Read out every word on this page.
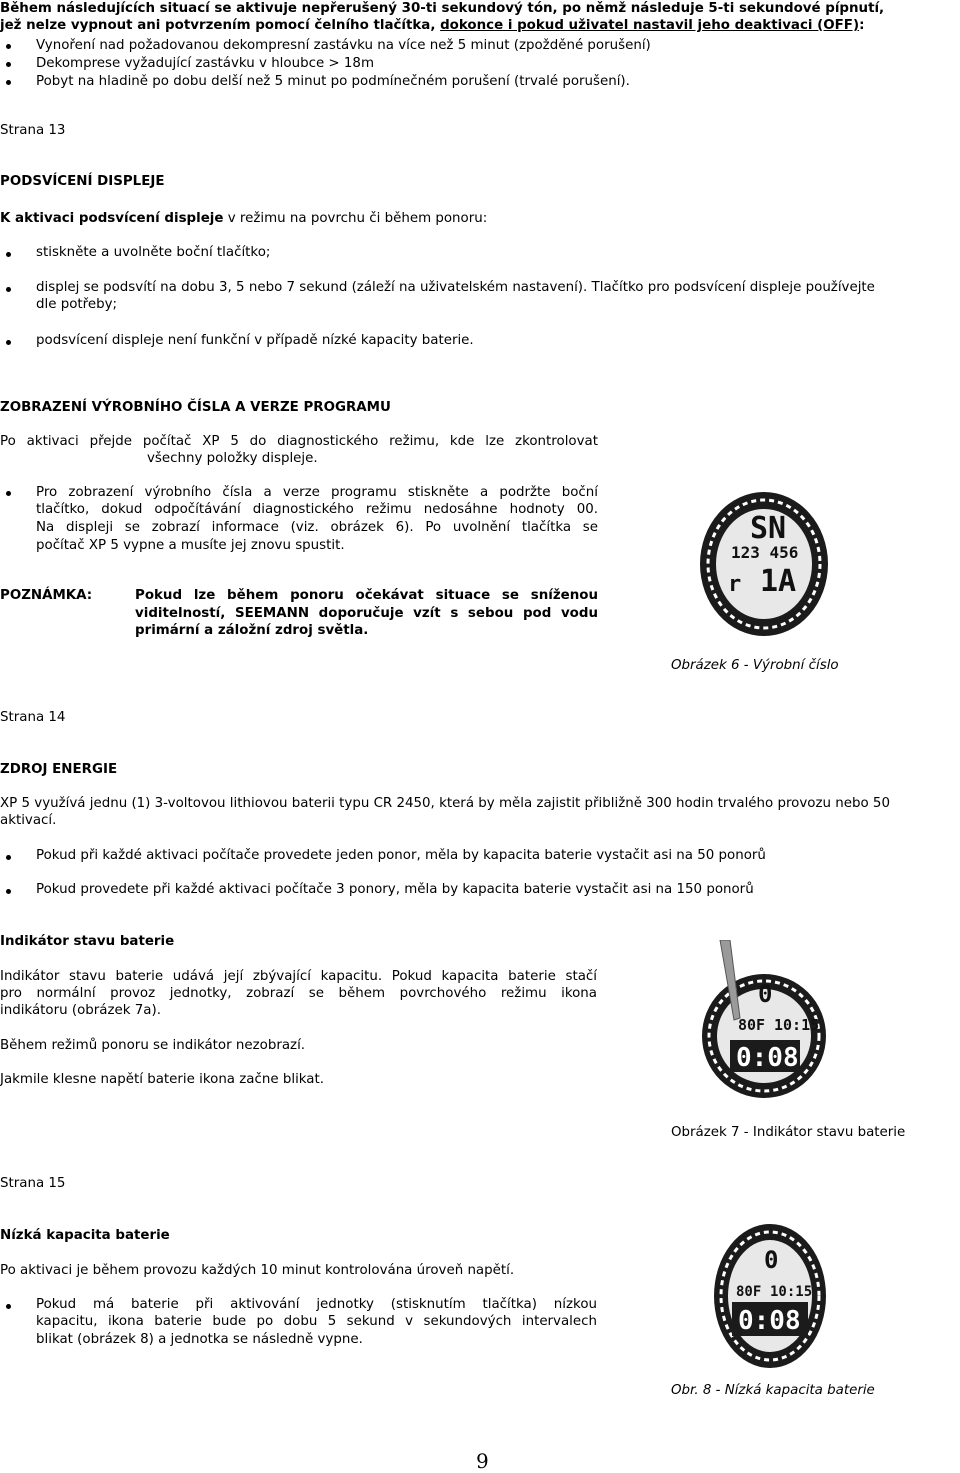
Během následujících situací se aktivuje nepřerušený 30-ti sekundový tón, po němž následuje 5-ti sekundové pípnutí,
jež nelze vypnout ani potvrzením pomocí čelního tlačítka, dokonce i pokud uživatel nastavil jeho deaktivaci (OFF):
Vynoření nad požadovanou dekompresní zastávku na více než 5 minut (zpožděné porušení)
Dekomprese vyžadující zastávku v hloubce > 18m
Pobyt na hladině po dobu delší než 5 minut po podmínečném porušení (trvalé porušení).
Strana 13
PODSVÍCENÍ DISPLEJE
K aktivaci podsvícení displeje v režimu na povrchu či během ponoru:
stiskněte a uvolněte boční tlačítko;
displej se podsvítí na dobu 3, 5 nebo 7 sekund (záleží na uživatelském nastavení). Tlačítko pro podsvícení displeje používejte
dle potřeby;
podsvícení displeje není funkční v případě nízké kapacity baterie.
ZOBRAZENÍ VÝROBNÍHO ČÍSLA A VERZE PROGRAMU
Po aktivaci přejde počítač XP 5 do diagnostického režimu, kde lze zkontrolovat
všechny položky displeje.
Pro zobrazení výrobního čísla a verze programu stiskněte a podržte boční
tlačítko, dokud odpočítávání diagnostického režimu nedosáhne hodnoty 00.
Na displeji se zobrazí informace (viz. obrázek 6). Po uvolnění tlačítka se
počítač XP 5 vypne a musíte jej znovu spustit.
POZNÁMKA:	Pokud lze během ponoru očekávat situace se sníženou
viditelností, SEEMANN doporučuje vzít s sebou pod vodu
primární a záložní zdroj světla.
SN
123 456
r 1A
Obrázek 6 - Výrobní číslo
Strana 14
ZDROJ ENERGIE
XP 5 využívá jednu (1) 3-voltovou lithiovou baterii typu CR 2450, která by měla zajistit přibližně 300 hodin trvalého provozu nebo 50
aktivací.
Pokud při každé aktivaci počítače provedete jeden ponor, měla by kapacita baterie vystačit asi na 50 ponorů
Pokud provedete při každé aktivaci počítače 3 ponory, měla by kapacita baterie vystačit asi na 150 ponorů
Indikátor stavu baterie
Indikátor stavu baterie udává její zbývající kapacitu. Pokud kapacita baterie stačí
pro normální provoz jednotky, zobrazí se během povrchového režimu ikona
indikátoru (obrázek 7a).
Během režimů ponoru se indikátor nezobrazí.
Jakmile klesne napětí baterie ikona začne blikat.
0
80F 10:15
0:08
Obrázek 7 - Indikátor stavu baterie
Strana 15
Nízká kapacita baterie
Po aktivaci je během provozu každých 10 minut kontrolována úroveň napětí.
Pokud má baterie při aktivování jednotky (stisknutím tlačítka) nízkou
kapacitu, ikona baterie bude po dobu 5 sekund v sekundových intervalech
blikat (obrázek 8) a jednotka se následně vypne.
0
80F 10:15
0:08
Obr. 8 - Nízká kapacita baterie
9
